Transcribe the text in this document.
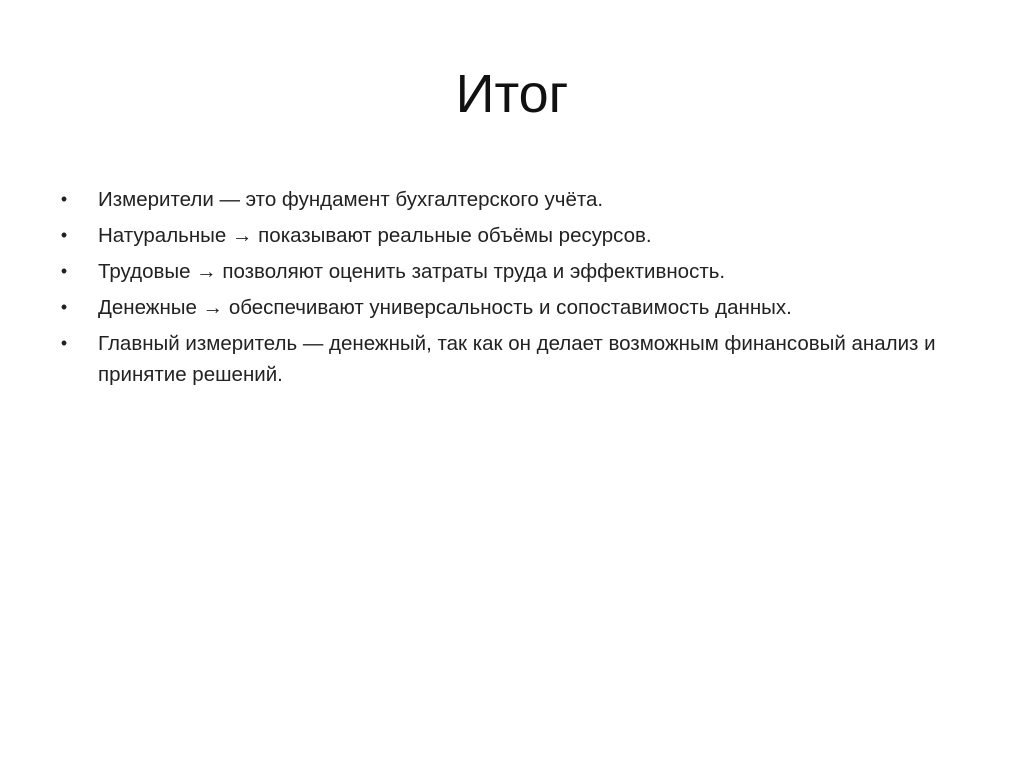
Итог
• Измерители — это фундамент бухгалтерского учёта.
• Натуральные → показывают реальные объёмы ресурсов.
• Трудовые → позволяют оценить затраты труда и эффективность.
• Денежные → обеспечивают универсальность и сопоставимость данных.
• Главный измеритель — денежный, так как он делает возможным финансовый анализ и принятие решений.
